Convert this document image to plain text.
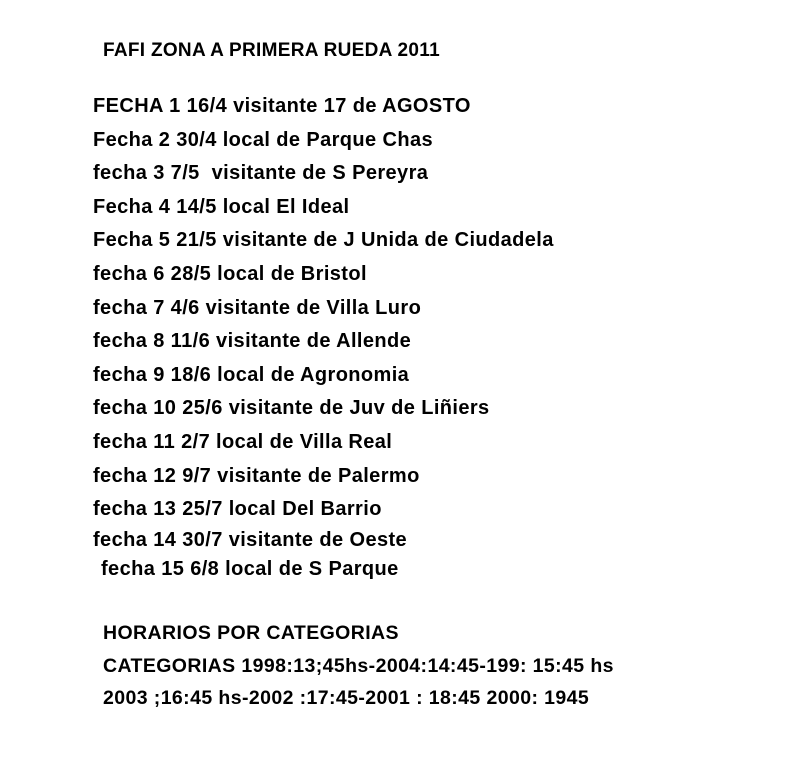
FAFI ZONA A PRIMERA RUEDA 2011
FECHA 1 16/4 visitante 17 de AGOSTO
Fecha 2 30/4 local de Parque Chas
fecha 3 7/5  visitante de S Pereyra
Fecha 4 14/5 local El Ideal
Fecha 5 21/5 visitante de J Unida de Ciudadela
fecha 6 28/5 local de Bristol
fecha 7 4/6 visitante de Villa Luro
fecha 8 11/6 visitante de Allende
fecha 9 18/6 local de Agronomia
fecha 10 25/6 visitante de Juv de Liñiers
fecha 11 2/7 local de Villa Real
fecha 12 9/7 visitante de Palermo
fecha 13 25/7 local Del Barrio
fecha 14 30/7 visitante de Oeste
fecha 15 6/8 local de S Parque
HORARIOS POR CATEGORIAS
CATEGORIAS 1998:13;45hs-2004:14:45-199: 15:45 hs
2003 ;16:45 hs-2002 :17:45-2001 : 18:45 2000: 1945
